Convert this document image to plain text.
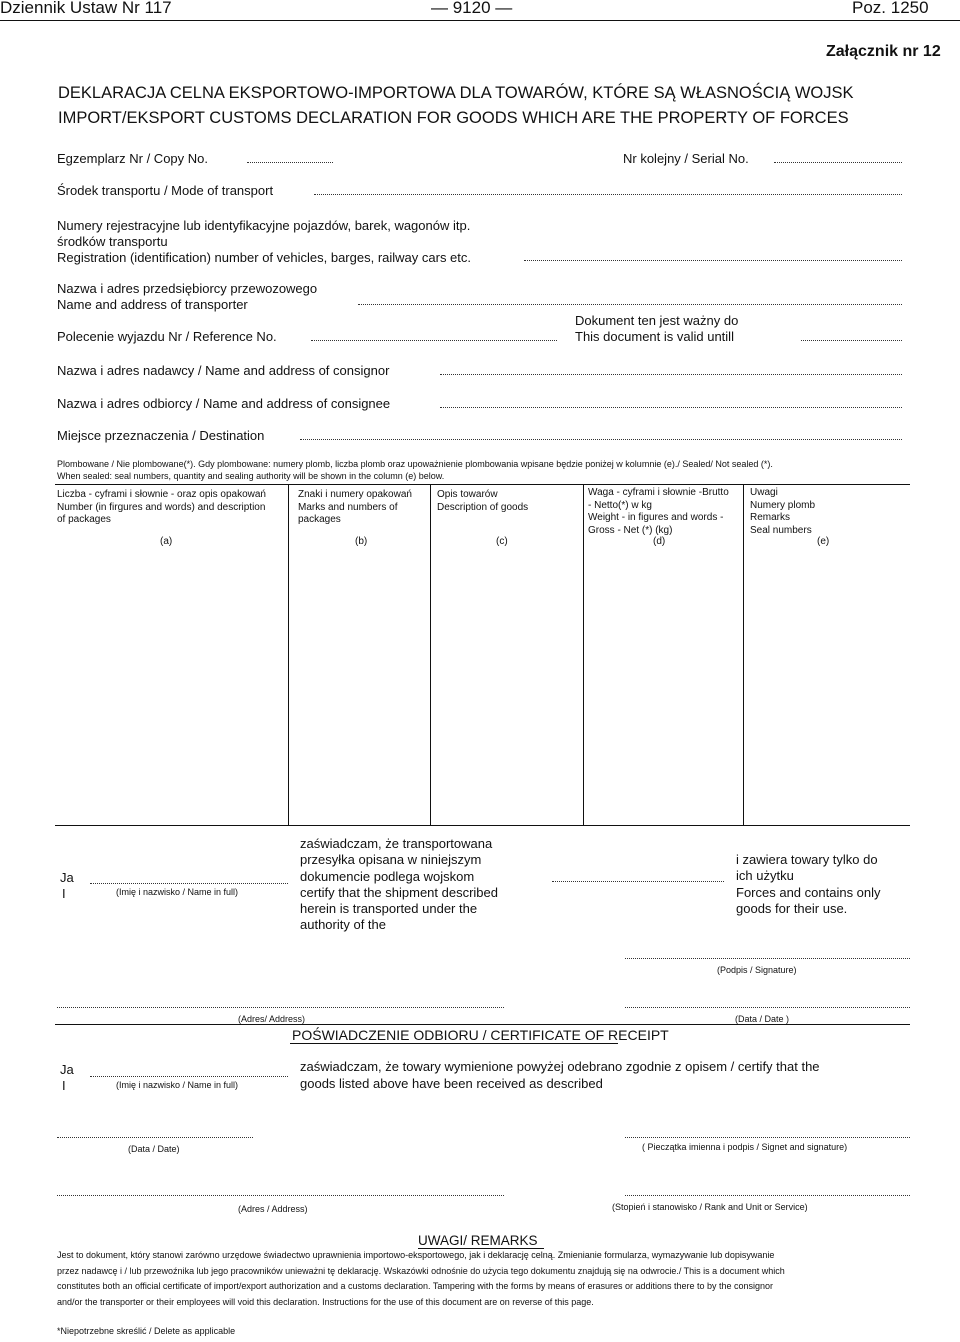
Dziennik Ustaw Nr 117	— 9120 —	Poz. 1250
Załącznik nr 12
DEKLARACJA CELNA EKSPORTOWO-IMPORTOWA DLA TOWARÓW, KTÓRE SĄ WŁASNOŚCIĄ WOJSK
IMPORT/EKSPORT CUSTOMS DECLARATION FOR GOODS WHICH ARE THE PROPERTY OF FORCES
Egzemplarz Nr / Copy No.	Nr kolejny / Serial No.
Środek transportu / Mode of transport
Numery rejestracyjne lub identyfikacyjne pojazdów, barek, wagonów itp.
środków transportu
Registration (identification) number of vehicles, barges, railway cars etc.
Nazwa i adres przedsiębiorcy przewozowego
Name and address of transporter
Dokument ten jest ważny do
This document is valid untill
Polecenie wyjazdu Nr / Reference No.
Nazwa i adres nadawcy / Name and address of consignor
Nazwa i adres odbiorcy / Name and address of consignee
Miejsce przeznaczenia / Destination
Plombowane / Nie plombowane(*). Gdy plombowane: numery plomb, liczba plomb oraz upoważnienie plombowania wpisane będzie poniżej w kolumnie (e)./ Sealed/ Not sealed (*).
When sealed: seal numbers, quantity and sealing authority will be shown in the column (e) below.
Liczba - cyframi i słownie - oraz opis opakowań
Number (in firgures and words) and description
of packages
(a)
Znaki i numery opakowań
Marks and numbers of
packages
(b)
Opis towarów
Description of goods
(c)
Waga - cyframi i słownie -Brutto
- Netto(*) w kg
Weight - in figures and words -
Gross - Net (*) (kg)
(d)
Uwagi
Numery plomb
Remarks
Seal numbers
(e)
Ja
I	(Imię i nazwisko / Name in full)
zaświadczam, że transportowana
przesyłka opisana w niniejszym
dokumencie podlega wojskom
certify that the shipment described
herein is transported under the
authority of the
i zawiera towary tylko do
ich użytku
Forces and contains only
goods for their use.
(Podpis / Signature)
(Adres/ Address)	(Data / Date )
POŚWIADCZENIE ODBIORU / CERTIFICATE OF RECEIPT
Ja
I	(Imię i nazwisko / Name in full)
zaświadczam, że towary wymienione powyżej odebrano zgodnie z opisem / certify that the
goods listed above have been received as described
(Data / Date)	( Pieczątka imienna i podpis / Signet and signature)
(Adres / Address)	(Stopień i stanowisko / Rank and Unit or Service)
UWAGI/ REMARKS
Jest to dokument, który stanowi zarówno urzędowe świadectwo uprawnienia importowo-eksportowego, jak i deklarację celną. Zmienianie formularza, wymazywanie lub dopisywanie
przez nadawcę i / lub przewoźnika lub jego pracowników unieważni tę deklarację. Wskazówki odnośnie do użycia tego dokumentu znajdują się na odwrocie./ This is a document which
constitutes both an official certificate of import/export authorization and a customs declaration. Tampering with the forms by means of erasures or additions there to by the consignor
and/or the transporter or their employees will void this declaration. Instructions for the use of this document are on reverse of this page.
*Niepotrzebne skreślić / Delete as applicable
